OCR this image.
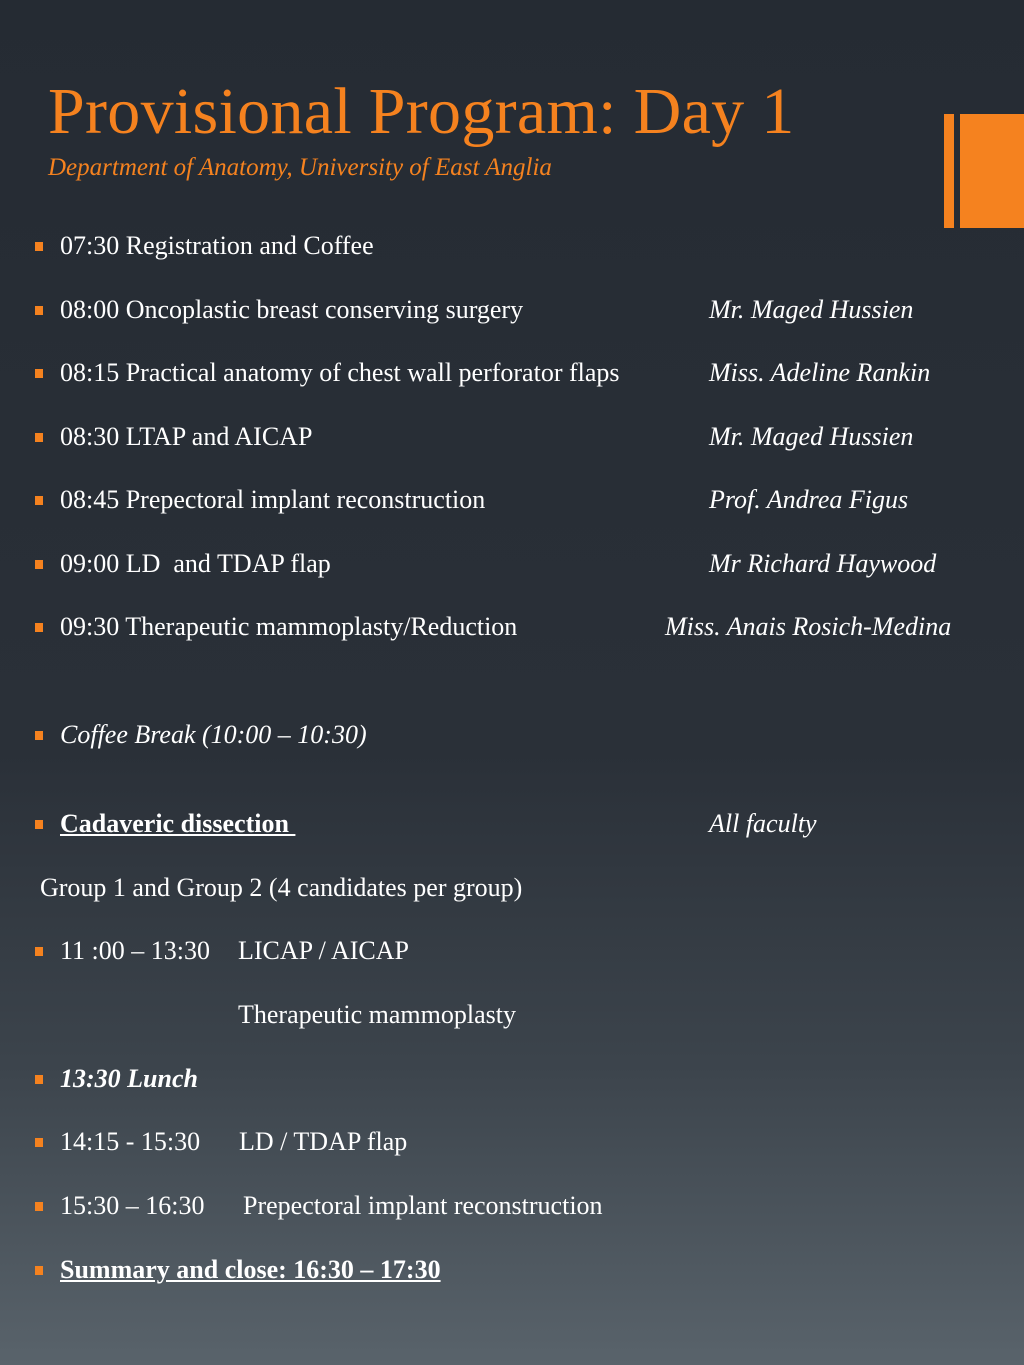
Provisional Program: Day 1
Department of Anatomy, University of East Anglia
07:30 Registration and Coffee
08:00 Oncoplastic breast conserving surgery	Mr. Maged Hussien
08:15 Practical anatomy of chest wall perforator flaps	Miss. Adeline Rankin
08:30 LTAP and AICAP	Mr. Maged Hussien
08:45 Prepectoral implant reconstruction	Prof. Andrea Figus
09:00 LD  and TDAP flap	Mr Richard Haywood
09:30 Therapeutic mammoplasty/Reduction	Miss. Anais Rosich-Medina
Coffee Break (10:00 – 10:30)
Cadaveric dissection	All faculty
Group 1 and Group 2 (4 candidates per group)
11 :00 – 13:30 LICAP / AICAP
Therapeutic mammoplasty
13:30 Lunch
14:15 - 15:30 LD / TDAP flap
15:30 – 16:30 Prepectoral implant reconstruction
Summary and close: 16:30 – 17:30
